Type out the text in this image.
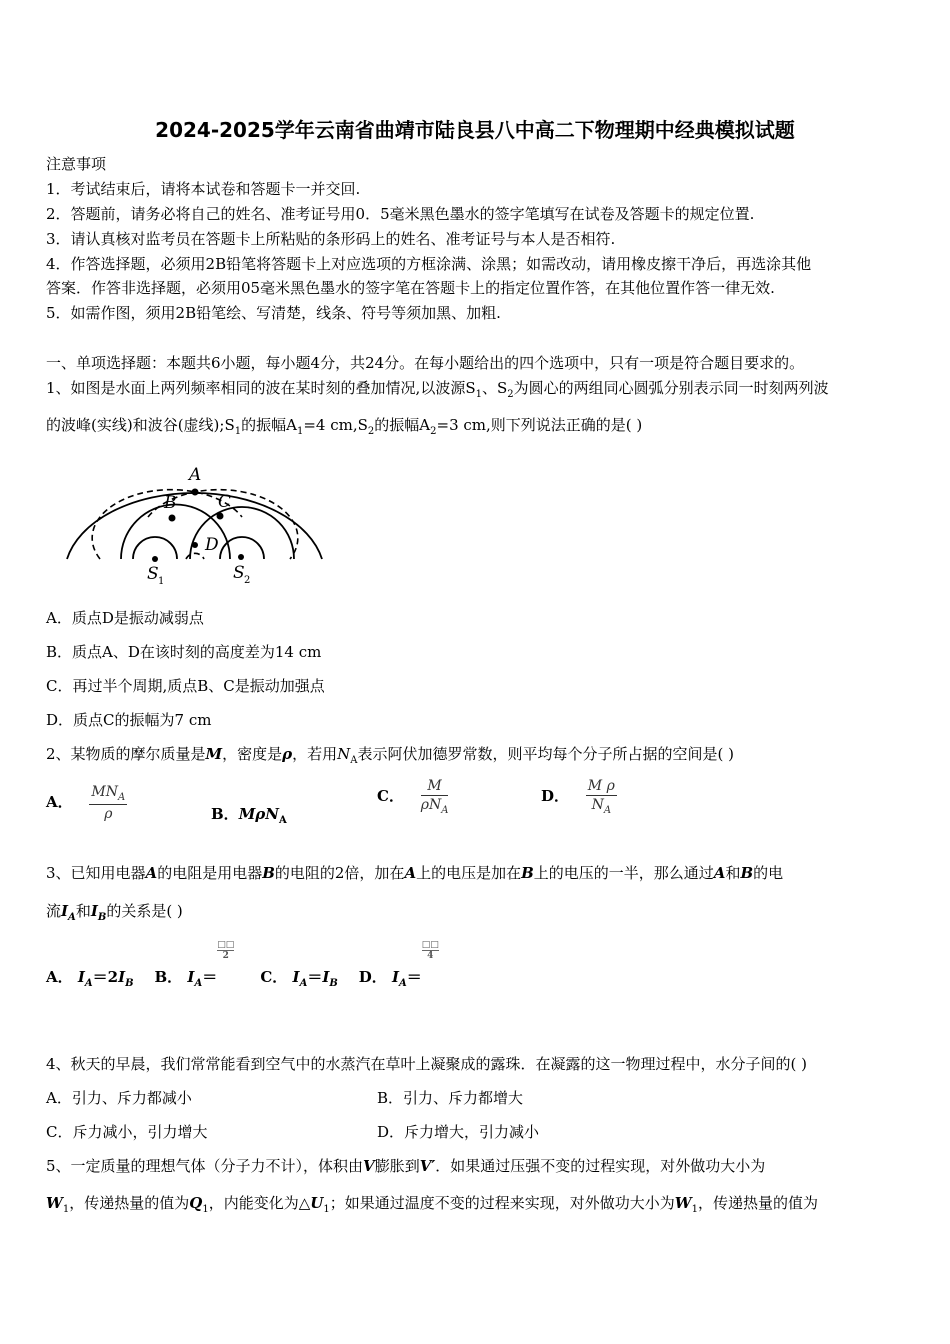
2024-2025学年云南省曲靖市陆良县八中高二下物理期中经典模拟试题
注意事项
1．考试结束后，请将本试卷和答题卡一并交回.
2．答题前，请务必将自己的姓名、准考证号用0．5毫米黑色墨水的签字笔填写在试卷及答题卡的规定位置.
3．请认真核对监考员在答题卡上所粘贴的条形码上的姓名、准考证号与本人是否相符.
4．作答选择题，必须用2B铅笔将答题卡上对应选项的方框涂满、涂黑；如需改动，请用橡皮擦干净后，再选涂其他
答案．作答非选择题，必须用05毫米黑色墨水的签字笔在答题卡上的指定位置作答，在其他位置作答一律无效.
5．如需作图，须用2B铅笔绘、写清楚，线条、符号等须加黑、加粗.
一、单项选择题：本题共6小题，每小题4分，共24分。在每小题给出的四个选项中，只有一项是符合题目要求的。
1、如图是水面上两列频率相同的波在某时刻的叠加情况,以波源$S_1$、$S_2$为圆心的两组同心圆弧分别表示同一时刻两列波
的波峰(实线)和波谷(虚线)$;S_1$的振幅$A_1=4$ $cm,S_2$的振幅$A_2=3$ cm,则下列说法正确的是( )
A
B C
D
S	S
1	2
A．质点D是振动减弱点
B．质点A、D在该时刻的高度差为14 cm
C．再过半个周期,质点B、C是振动加强点
D．质点C的振幅为7 cm
2、某物质的摩尔质量是M，密度是ρ，若用$N_A$表示阿伏加德罗常数，则平均每个分子所占据的空间是( )
A． $\frac{MN_A}{\rho}$	B．MρN$_A$
C． $\frac{M}{\rho N_A}$	D． $\frac{\text{M ρ}}{N_A}$
3、已知用电器A的电阻是用电器B的电阻的2倍，加在A上的电压是加在B上的电压的一半，那么通过A和B的电
流$I_A$和$I_B$的关系是( )
A． $I_A=2I_B$ B． $I_A=$
□□
2     C． $I_A=I_B$ D． $I_A=$
□□
4
4、秋天的早晨，我们常常能看到空气中的水蒸汽在草叶上凝聚成的露珠．在凝露的这一物理过程中，水分子间的( )
A．引力、斥力都减小	B．引力、斥力都增大
C．斥力减小，引力增大	D．斥力增大，引力减小
5、一定质量的理想气体（分子力不计），体积由V膨胀到V′．如果通过压强不变的过程实现，对外做功大小为
$W_1$，传递热量的值为$Q_1$，内能变化为$\triangle U_1$；如果通过温度不变的过程来实现，对外做功大小为$W_1$，传递热量的值为
